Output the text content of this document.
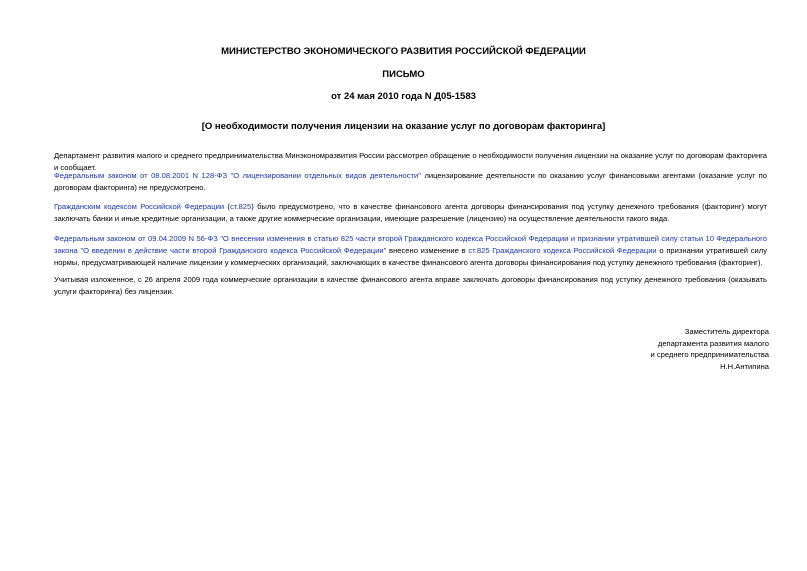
МИНИСТЕРСТВО ЭКОНОМИЧЕСКОГО РАЗВИТИЯ РОССИЙСКОЙ ФЕДЕРАЦИИ
ПИСЬМО
от 24 мая 2010 года N Д05-1583
[О необходимости получения лицензии на оказание услуг по договорам факторинга]
Департамент развития малого и среднего предпринимательства Минэкономразвития России рассмотрел обращение о необходимости получения лицензии на оказание услуг по договорам факторинга и сообщает.
Федеральным законом от 08.08.2001 N 128-ФЗ "О лицензировании отдельных видов деятельности" лицензирование деятельности по оказанию услуг финансовыми агентами (оказание услуг по договорам факторинга) не предусмотрено.
Гражданским кодексом Российской Федерации (ст.825) было предусмотрено, что в качестве финансового агента договоры финансирования под уступку денежного требования (факторинг) могут заключать банки и иные кредитные организации, а также другие коммерческие организации, имеющие разрешение (лицензию) на осуществление деятельности такого вида.
Федеральным законом от 09.04.2009 N 56-ФЗ "О внесении изменения в статью 825 части второй Гражданского кодекса Российской Федерации и признании утратившей силу статьи 10 Федерального закона "О введении в действие части второй Гражданского кодекса Российской Федерации" внесено изменение в ст.825 Гражданского кодекса Российской Федерации о признании утратившей силу нормы, предусматривающей наличие лицензии у коммерческих организаций, заключающих в качестве финансового агента договоры финансирования под уступку денежного требования (факторинг).
Учитывая изложенное, с 26 апреля 2009 года коммерческие организации в качестве финансового агента вправе заключать договоры финансирования под уступку денежного требования (оказывать услуги факторинга) без лицензии.
Заместитель директора
департамента развития малого
и среднего предпринимательства
Н.Н.Антипина
